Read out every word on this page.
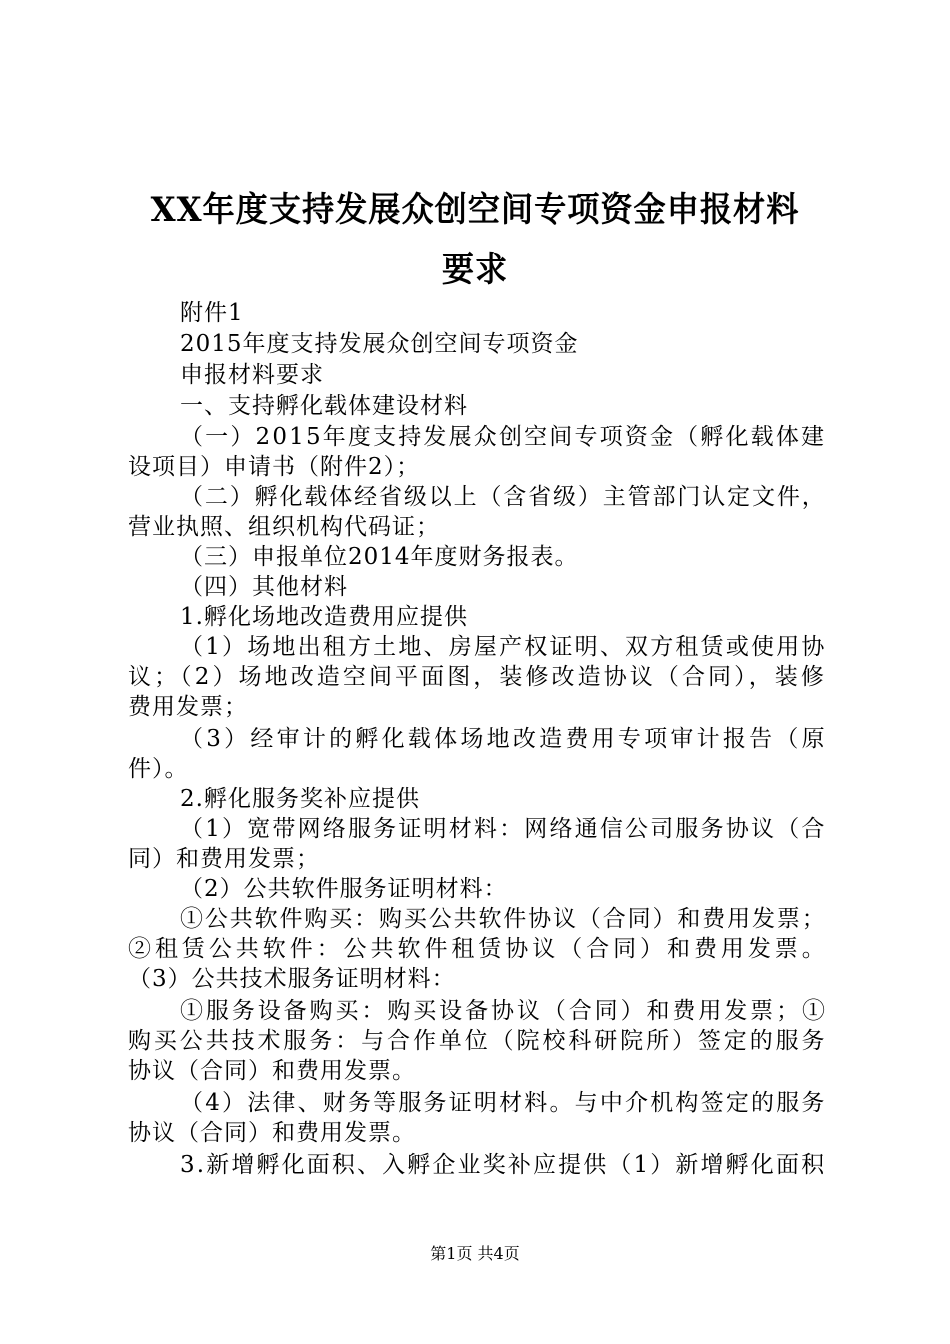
XX年度支持发展众创空间专项资金申报材料
要求
附件1
2015年度支持发展众创空间专项资金
申报材料要求
一、支持孵化载体建设材料
（一）2015年度支持发展众创空间专项资金（孵化载体建
设项目）申请书（附件2）；
（二）孵化载体经省级以上（含省级）主管部门认定文件，
营业执照、组织机构代码证；
（三）申报单位2014年度财务报表。
（四）其他材料
1.孵化场地改造费用应提供
（1）场地出租方土地、房屋产权证明、双方租赁或使用协
议；（2）场地改造空间平面图，装修改造协议（合同），装修
费用发票；
（3）经审计的孵化载体场地改造费用专项审计报告（原
件）。
2.孵化服务奖补应提供
（1）宽带网络服务证明材料：网络通信公司服务协议（合
同）和费用发票；
（2）公共软件服务证明材料：
①公共软件购买：购买公共软件协议（合同）和费用发票；
②租赁公共软件：公共软件租赁协议（合同）和费用发票。
（3）公共技术服务证明材料：
①服务设备购买：购买设备协议（合同）和费用发票；①
购买公共技术服务：与合作单位（院校科研院所）签定的服务
协议（合同）和费用发票。
（4）法律、财务等服务证明材料。与中介机构签定的服务
协议（合同）和费用发票。
3.新增孵化面积、入孵企业奖补应提供（1）新增孵化面积
第1页 共4页
